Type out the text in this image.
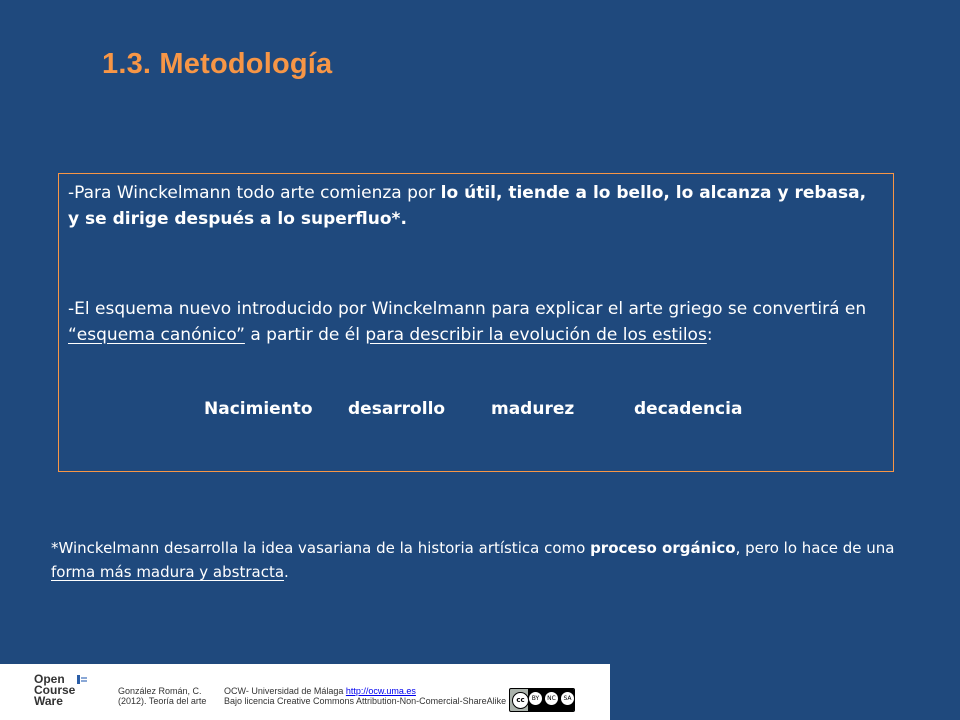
1.3. Metodología
-Para Winckelmann todo arte comienza por lo útil, tiende a lo bello, lo alcanza y rebasa, y se dirige después a lo superfluo*.
-El esquema nuevo introducido por Winckelmann para explicar el arte griego se convertirá en “esquema canónico” a partir de él para describir la evolución de los estilos:
Nacimiento desarrollo	madurez	decadencia
*Winckelmann desarrolla la idea vasariana de la historia artística como proceso orgánico, pero lo hace de una forma más madura y abstracta.
Open
Course
Ware
González Román, C.
(2012). Teoría del arte
OCW- Universidad de Málaga http://ocw.uma.es
Bajo licencia Creative Commons Attribution-Non-Comercial-ShareAlike	cc	BY	NC	SA
